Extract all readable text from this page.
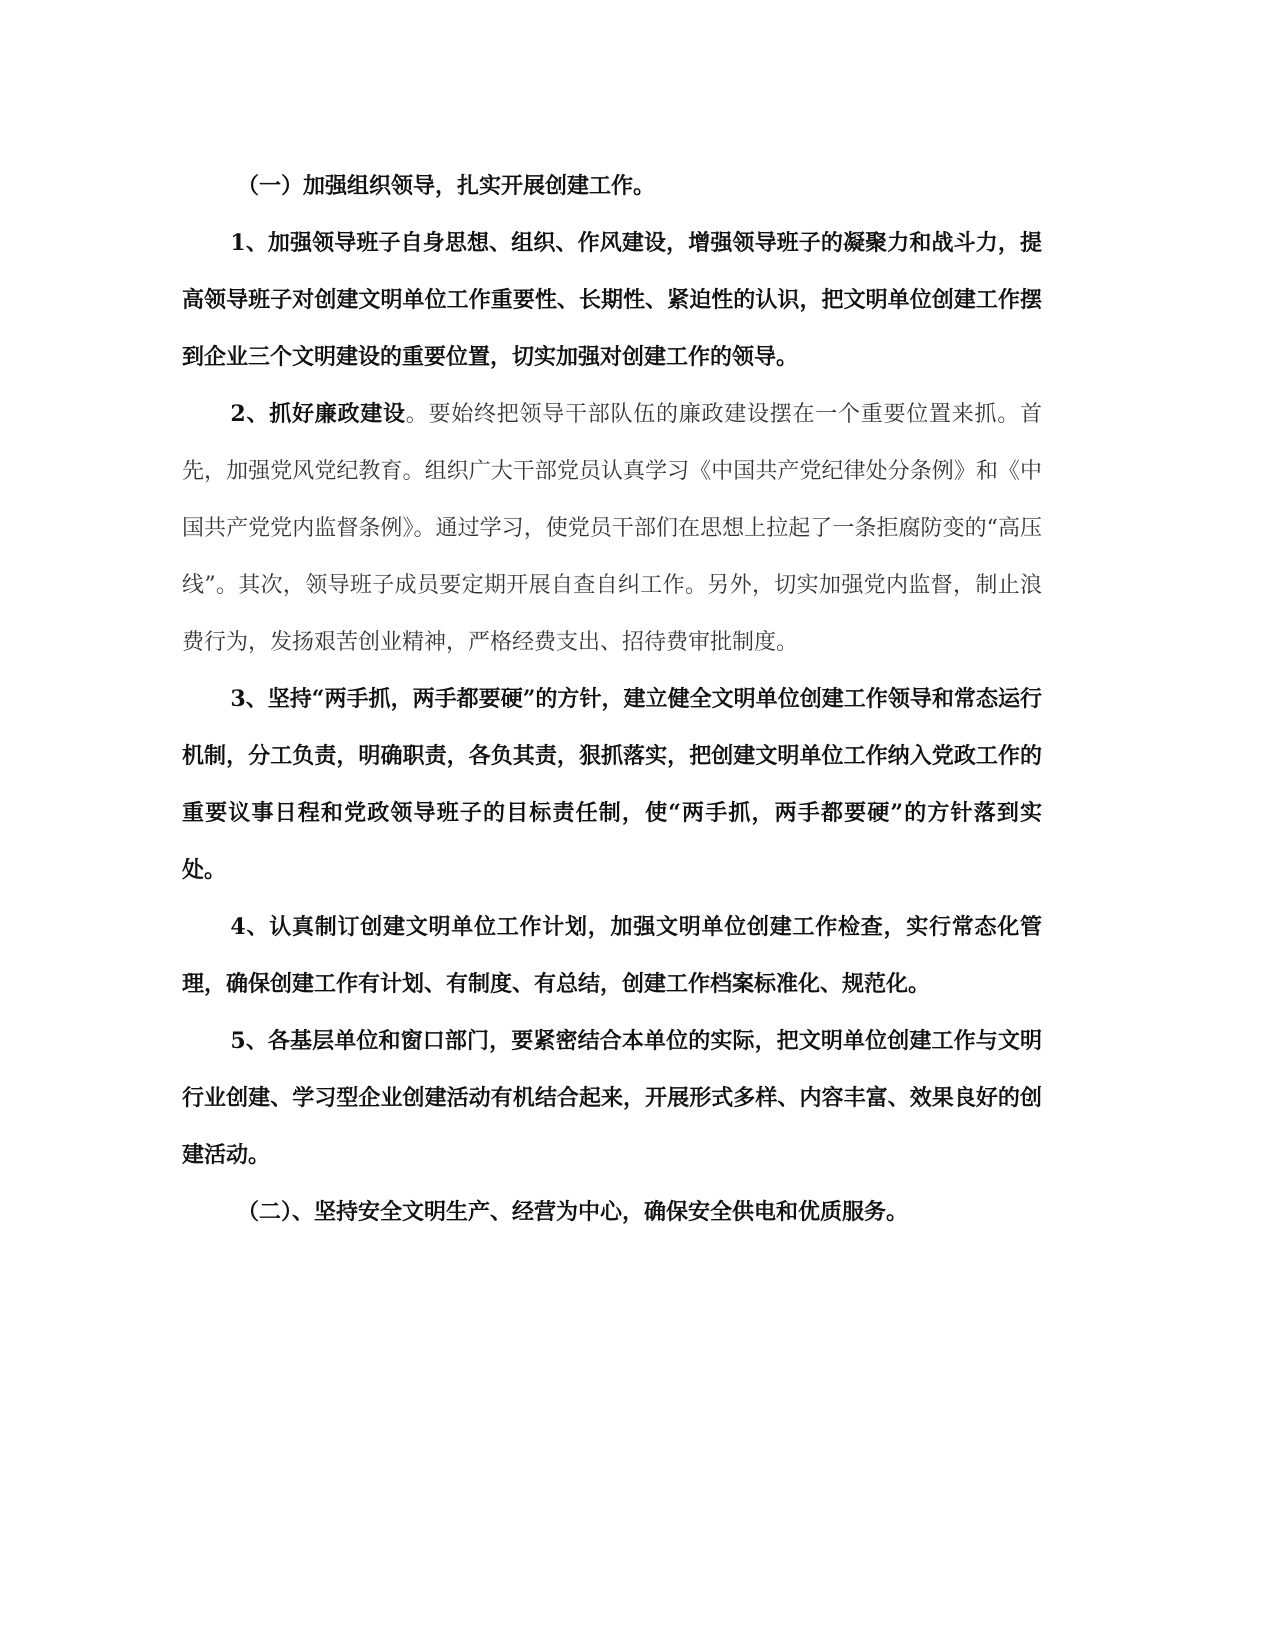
（一）加强组织领导，扎实开展创建工作。

1、加强领导班子自身思想、组织、作风建设，增强领导班子的凝聚力和战斗力，提高领导班子对创建文明单位工作重要性、长期性、紧迫性的认识，把文明单位创建工作摆到企业三个文明建设的重要位置，切实加强对创建工作的领导。

2、抓好廉政建设。要始终把领导干部队伍的廉政建设摆在一个重要位置来抓。首先，加强党风党纪教育。组织广大干部党员认真学习《中国共产党纪律处分条例》和《中国共产党党内监督条例》。通过学习，使党员干部们在思想上拉起了一条拒腐防变的“高压线”。其次，领导班子成员要定期开展自查自纠工作。另外，切实加强党内监督，制止浪费行为，发扬艰苦创业精神，严格经费支出、招待费审批制度。

3、坚持“两手抓，两手都要硬”的方针，建立健全文明单位创建工作领导和常态运行机制，分工负责，明确职责，各负其责，狠抓落实，把创建文明单位工作纳入党政工作的重要议事日程和党政领导班子的目标责任制，使“两手抓，两手都要硬”的方针落到实处。

4、认真制订创建文明单位工作计划，加强文明单位创建工作检查，实行常态化管理，确保创建工作有计划、有制度、有总结，创建工作档案标准化、规范化。

5、各基层单位和窗口部门，要紧密结合本单位的实际，把文明单位创建工作与文明行业创建、学习型企业创建活动有机结合起来，开展形式多样、内容丰富、效果良好的创建活动。

（二）、坚持安全文明生产、经营为中心，确保安全供电和优质服务。
